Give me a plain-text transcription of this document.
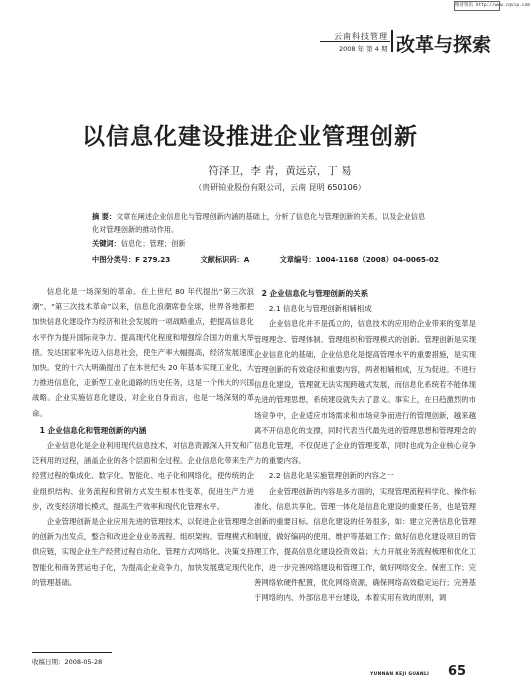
维普资讯 http://www.cqvip.com
云南科技管理
2008 年 第 4 期 改革与探索
以信息化建设推进企业管理创新
符泽卫，李 青，黄远京，丁 易
（贵研铂业股份有限公司，云南 昆明 650106）
摘 要：文章在阐述企业信息化与管理创新内涵的基础上，分析了信息化与管理创新的关系，以及企业信息化对管理创新的推动作用。
关键词：信息化；管理；创新
中图分类号：F 279.23	文献标识码：A	文章编号：1004-1168（2008）04-0065-02

信息化是一场深刻的革命。在上世纪 80 年代提出“第三次浪潮”、“第三次技术革命”以来，信息化浪潮席卷全球，世界各地都把加快信息化建设作为经济和社会发展的一项战略重点，把提高信息化水平作为提升国际竞争力、提高现代化程度和增强综合国力的重大举措。发达国家率先迈入信息社会，使生产率大幅提高，经济发展速度加快。党的十六大明确提出了在本世纪头 20 年基本实现工业化，大力推进信息化，走新型工业化道路的历史任务，这是一个伟大的兴国战略。企业实施信息化建设，对企业自身而言，也是一场深刻的革命。

1 企业信息化和管理创新的内涵

企业信息化是企业利用现代信息技术，对信息资源深入开发和广泛利用的过程，涵盖企业的各个层面和全过程。企业信息化带来生产经营过程的集成化、数字化、智能化、电子化和网络化，使传统的企业组织结构、业务流程和营销方式发生根本性变革，促进生产力进步，改变经济增长模式，提高生产效率和现代化管理水平。

企业管理创新是企业应用先进的管理技术，以促进企业管理理念的创新为出发点，整合和改进企业业务流程、组织架构、管理模式和供应链，实现企业生产经营过程自动化、管理方式网络化、决策支持智能化和商务营运电子化，为提高企业竞争力，加快发展奠定现代化的管理基础。

2 企业信息化与管理创新的关系
2.1 信息化与管理创新相辅相成

企业信息化并不是孤立的，信息技术的应用给企业带来的变革是管理理念、管理体制、管理组织和管理模式的创新。管理创新是实现企业信息化的基础，企业信息化是提高管理水平的重要措施，是实现管理创新的有效途径和重要内容，两者相辅相成，互为促进。不进行信息化建设，管理就无法实现跨越式发展，而信息化系统若不能体现先进的管理思想，系统建设就失去了意义。事实上，在日趋激烈的市场竞争中，企业适应市场需求和市场竞争而进行的管理创新，越来越离不开信息化的支撑，同时代表当代最先进的管理思想和管理理念的信息化管理，不仅促进了企业的管理变革，同时也成为企业核心竞争力的重要内容。

2.2 信息化是实施管理创新的内容之一

企业管理创新的内容是多方面的，实现管理流程科学化、操作标准化、信息共享化、管理一体化是信息化建设的重要任务，也是管理创新的重要目标。信息化建设的任务很多，如：建立完善信息化管理制度，做好编码的使用、维护等基础工作；做好信息化建设项目的管理工作，提高信息化建设投资效益；大力开展业务流程梳理和优化工作，进一步完善网络建设和管理工作，做好网络安全、保密工作；完善网络软硬件配置，优化网络资源，确保网络高效稳定运行；完善基于网络的内、外部信息平台建设，本着实用有效的原则，调

收稿日期：2008-05-28
YUNNAN KEJI GUANLI 65
